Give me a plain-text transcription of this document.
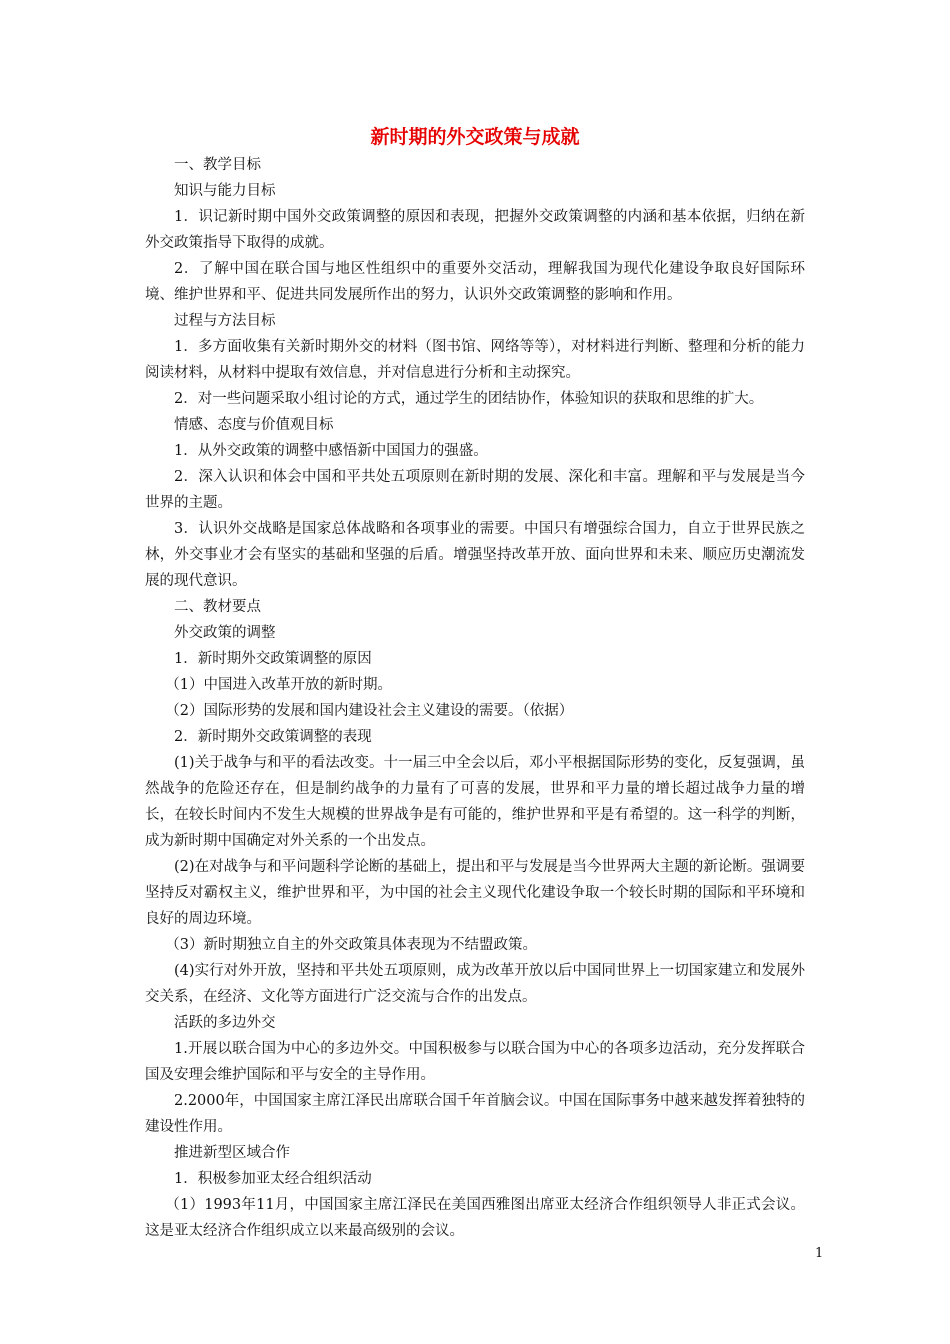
新时期的外交政策与成就

一、教学目标

知识与能力目标

1．识记新时期中国外交政策调整的原因和表现，把握外交政策调整的内涵和基本依据，归纳在新外交政策指导下取得的成就。

2．了解中国在联合国与地区性组织中的重要外交活动，理解我国为现代化建设争取良好国际环境、维护世界和平、促进共同发展所作出的努力，认识外交政策调整的影响和作用。

过程与方法目标

1．多方面收集有关新时期外交的材料（图书馆、网络等等），对材料进行判断、整理和分析的能力阅读材料，从材料中提取有效信息，并对信息进行分析和主动探究。

2．对一些问题采取小组讨论的方式，通过学生的团结协作，体验知识的获取和思维的扩大。

情感、态度与价值观目标

1．从外交政策的调整中感悟新中国国力的强盛。

2．深入认识和体会中国和平共处五项原则在新时期的发展、深化和丰富。理解和平与发展是当今世界的主题。

3．认识外交战略是国家总体战略和各项事业的需要。中国只有增强综合国力，自立于世界民族之林，外交事业才会有坚实的基础和坚强的后盾。增强坚持改革开放、面向世界和未来、顺应历史潮流发展的现代意识。

二、教材要点

外交政策的调整

1．新时期外交政策调整的原因

（1）中国进入改革开放的新时期。

（2）国际形势的发展和国内建设社会主义建设的需要。（依据）

2．新时期外交政策调整的表现

(1)关于战争与和平的看法改变。十一届三中全会以后，邓小平根据国际形势的变化，反复强调，虽然战争的危险还存在，但是制约战争的力量有了可喜的发展，世界和平力量的增长超过战争力量的增长，在较长时间内不发生大规模的世界战争是有可能的，维护世界和平是有希望的。这一科学的判断，成为新时期中国确定对外关系的一个出发点。

(2)在对战争与和平问题科学论断的基础上，提出和平与发展是当今世界两大主题的新论断。强调要坚持反对霸权主义，维护世界和平，为中国的社会主义现代化建设争取一个较长时期的国际和平环境和良好的周边环境。

（3）新时期独立自主的外交政策具体表现为不结盟政策。

(4)实行对外开放，坚持和平共处五项原则，成为改革开放以后中国同世界上一切国家建立和发展外交关系，在经济、文化等方面进行广泛交流与合作的出发点。

活跃的多边外交

1.开展以联合国为中心的多边外交。中国积极参与以联合国为中心的各项多边活动，充分发挥联合国及安理会维护国际和平与安全的主导作用。

2.2000年，中国国家主席江泽民出席联合国千年首脑会议。中国在国际事务中越来越发挥着独特的建设性作用。

推进新型区域合作

1．积极参加亚太经合组织活动

（1）1993年11月，中国国家主席江泽民在美国西雅图出席亚太经济合作组织领导人非正式会议。这是亚太经济合作组织成立以来最高级别的会议。

1
